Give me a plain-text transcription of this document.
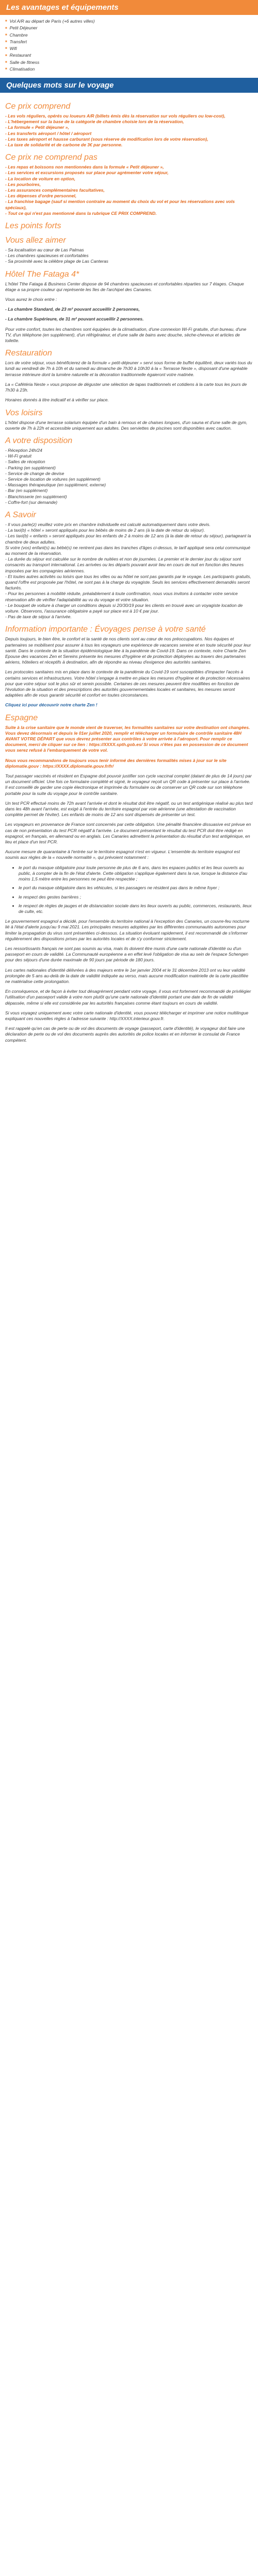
Les avantages et équipements
■ Vol A/R au départ de Paris (+6 autres villes)
■ Petit Déjeuner
■ Chambre
■ Transfert
■ Wifi
■ Restaurant
■ Salle de fitness
■ Climatisation
Quelques mots sur le voyage
Ce prix comprend
- Les vols réguliers, opérés ou loueurs A/R (billets émis dès la réservation sur vols réguliers ou low-cost),
- L'hébergement sur la base de la catégorie de chambre choisie lors de la réservation,
- La formule « Petit déjeuner »,
- Les transferts aéroport / hôtel / aéroport
- Les taxes aéroport et hausse carburant (sous réserve de modification lors de votre réservation),
- La taxe de solidarité et de carbone de 3€ par personne.
Ce prix ne comprend pas
- Les repas et boissons non mentionnées dans la formule « Petit déjeuner »,
- Les services et excursions proposés sur place pour agrémenter votre séjour,
- La location de voiture en option,
- Les pourboires,
- Les assurances complémentaires facultatives,
- Les dépenses d'ordre personnel,
- La franchise bagage (sauf si mention contraire au moment du choix du vol et pour les réservations avec vols spéciaux),
- Tout ce qui n'est pas mentionné dans la rubrique CE PRIX COMPREND.
Les points forts
Vous allez aimer
- Sa localisation au cœur de Las Palmas
- Les chambres spacieuses et confortables
- Sa proximité avec la célèbre plage de Las Canteras
Hôtel The Fataga 4*

L'hôtel Tthe Fataga & Business Center dispose de 94 chambres spacieuses et confortables réparties sur 7 étages. Chaque étage a sa propre couleur qui représente les îles de l'archipel des Canaries.

Vous aurez le choix entre :

- La chambre Standard, de 23 m² pouvant accueillir 2 personnes,

- La chambre Supérieure, de 31 m² pouvant accueillir 2 personnes.

Pour votre confort, toutes les chambres sont équipées de la climatisation, d'une connexion Wi-Fi gratuite, d'un bureau, d'une TV, d'un téléphone (en supplément), d'un réfrigérateur, et d'une salle de bains avec douche, sèche-cheveux et articles de toilette.

Restauration

Lors de votre séjour, vous bénéficierez de la formule « petit-déjeuner » servi sous forme de buffet équilibré, deux variés tous du lundi au vendredi de 7h à 10h et du samedi au dimanche de 7h30 à 10h30 à la « Terrasse Neste », disposant d'une agréable terrasse intérieure dont la lumière naturelle et la décoration traditionnelle égaieront votre matinée.

La « Cafétéria Neste » vous propose de déguster une sélection de tapas traditionnels et cotidiens à la carte tous les jours de 7h30 à 23h.

Horaires donnés à titre indicatif et à vérifier sur place.

Vos loisirs

L'hôtel dispose d'une terrasse solarium équipée d'un bain à remous et de chaises longues, d'un sauna et d'une salle de gym, ouverte de 7h à 22h et accessible uniquement aux adultes. Des serviettes de piscines sont disponibles avec caution.

A votre disposition
- Réception 24h/24
- Wi-Fi gratuit
- Salles de réception
- Parking (en supplément)
- Service de change de devise
- Service de location de voitures (en supplément)
- Massages thérapeutique (en supplément, externe)
- Bar (en supplément)
- Blanchisserie (en supplément)
- Coffre-fort (sur demande)
A Savoir
- Il vous parle(z) veuillez votre prix en chambre individuelle est calculé automatiquement dans votre devis.
- La taxi(b) « hôtel » seront appliqués pour les bébés de moins de 2 ans (à la date de retour du séjour).
- Les taxi(b) « enfants » seront appliqués pour les enfants de 2 à moins de 12 ans (à la date de retour du séjour), partageant la chambre de deux adultes.
Si votre (vos) enfant(s) au bébé(s) ne rentrent pas dans les tranches d'âges ci-dessus, le tarif appliqué sera celui communiqué au moment de la réservation.
- La durée du séjour est calculée sur le nombre de nuitées et non de journées. Le premier et le dernier jour du séjour sont consacrés au transport international. Les arrivées ou les départs pouvant avoir lieu en cours de nuit en fonction des heures imposées par les compagnies aériennes.
- Et toutes autres activités ou loisirs que tous les villes ou au hôtel ne sont pas garantis par le voyage. Les participants gratuits, quand l'offre est proposée par l'hôtel, ne sont pas à la charge du voyagiste. Seuls les services effectivement demandés seront facturés.
- Pour les personnes à mobilité réduite, préalablement à toute confirmation, nous vous invitons à contacter votre service réservation afin de vérifier l'adaptabilité au vu du voyage et votre situation.
- Le bouquet de voiture à charger un conditions depuis si 20/30/19 pour les clients en trouvé avec un voyagiste location de voiture. Observons, l'assurance obligatoire a payé sur place est à 10 € par jour.
- Pas de taxe de séjour à l'arrivée.
Information importante : Évoyages pense à votre santé

Depuis toujours, le bien être, le confort et la santé de nos clients sont au cœur de nos préoccupations. Nos équipes et partenaires se mobilisent pour assurer à tous les voyageurs une expérience de vacances sereine et en toute sécurité pour leur santé. Dans le contexte de la situation épidémiologique liée à la pandémie de Covid-19. Dans ce contexte, notre Charte Zen Epouse des vacances Zen et Sereins présente les mesures d'hygiène et de protection déployées au travers des partenaires aériens, hôteliers et réceptifs à destination, afin de répondre au niveau d'exigence des autorités sanitaires.

Les protocoles sanitaires mis en place dans le contexte de la pandémie du Covid-19 sont susceptibles d'impacter l'accès à certains services et infrastructures. Votre hôtel s'engage à mettre en place les mesures d'hygiène et de protection nécessaires pour que votre séjour soit le plus sûr et serein possible. Certaines de ces mesures peuvent être modifiées en fonction de l'évolution de la situation et des prescriptions des autorités gouvernementales locales et sanitaires, les mesures seront adaptées afin de vous garantir sécurité et confort en toutes circonstances.

Cliquez ici pour découvrir notre charte Zen !

Espagne

Suite à la crise sanitaire que le monde vient de traverser, les formalités sanitaires sur votre destination ont changées. Vous devez désormais et depuis le 01er juillet 2020, remplir et télécharger un formulaire de contrôle sanitaire 48H AVANT VOTRE DÉPART que vous devrez présenter aux contrôles à votre arrivée à l'aéroport. Pour remplir ce document, merci de cliquer sur ce lien : https://XXXX.spth.gob.es/ Si vous n'êtes pas en possession de ce document vous serez refusé à l'embarquement de votre vol.

Nous vous recommandons de toujours vous tenir informé des dernières formalités mises à jour sur le site diplomatie.gouv : https://XXXX.diplomatie.gouv.fr/fr/

Tout passager vaccinés et résident en Espagne doit pouvoir justifier son cycle vaccinal complet (datant de plus de 14 jours) par un document officiel. Une fois ce formulaire complété et signé, le voyageur reçoit un QR code à présenter sur place à l'arrivée. Il est conseillé de garder une copie électronique et imprimée du formulaire ou de conserver un QR code sur son téléphone portable pour la suite du voyage pour le contrôle sanitaire.

Un test PCR effectué moins de 72h avant l'arrivée et dont le résultat doit être négatif, ou un test antigénique réalisé au plus tard dans les 48h avant l'arrivée, est exigé à l'entrée du territoire espagnol par voie aérienne (une attestation de vaccination complète permet de l'éviter). Les enfants de moins de 12 ans sont dispensés de présenter un test.

Les voyageurs en provenance de France sont concernés par cette obligation. Une pénalité financière dissuasive est prévue en cas de non présentation du test PCR négatif à l'arrivée. Le document présentant le résultat du test PCR doit être rédigé en espagnol, en français, en allemand ou en anglais. Les Canaries admettent la présentation du résultat d'un test antigénique, en lieu et place d'un test PCR.

Aucune mesure de quarantaine à l'entrée sur le territoire espagnol n'est en vigueur. L'ensemble du territoire espagnol est soumis aux règles de la « nouvelle normalité », qui prévoient notamment :

• le port du masque obligatoire pour toute personne de plus de 6 ans, dans les espaces publics et les lieux ouverts au public, à compter de la fin de l'état d'alerte. Cette obligation s'applique également dans la rue, lorsque la distance d'au moins 1,5 mètre entre les personnes ne peut être respectée ;
• le port du masque obligatoire dans les véhicules, si les passagers ne résident pas dans le même foyer ;
• le respect des gestes barrières ;
• le respect de règles de jauges et de distanciation sociale dans les lieux ouverts au public, commerces, restaurants, lieux de culte, etc.

Le gouvernement espagnol a décidé, pour l'ensemble du territoire national à l'exception des Canaries, un couvre-feu nocturne lié à l'état d'alerte jusqu'au 9 mai 2021. Les principales mesures adoptées par les différentes communautés autonomes pour limiter la propagation du virus sont présentées ci-dessous. La situation évoluant rapidement, il est recommandé de s'informer régulièrement des dispositions prises par les autorités locales et de s'y conformer strictement.

Les ressortissants français ne sont pas soumis au visa, mais ils doivent être munis d'une carte nationale d'identité ou d'un passeport en cours de validité. La Communauté européenne a en effet levé l'obligation de visa au sein de l'espace Schengen pour des séjours d'une durée maximale de 90 jours par période de 180 jours.

Les cartes nationales d'identité délivrées à des majeurs entre le 1er janvier 2004 et le 31 décembre 2013 ont vu leur validité prolongée de 5 ans au-delà de la date de validité indiquée au verso, mais aucune modification matérielle de la carte plastifiée ne matérialise cette prolongation.

En conséquence, et de façon à éviter tout désagrément pendant votre voyage, il vous est fortement recommandé de privilégier l'utilisation d'un passeport valide à votre nom plutôt qu'une carte nationale d'identité portant une date de fin de validité dépassée, même si elle est considérée par les autorités françaises comme étant toujours en cours de validité.

Si vous voyagez uniquement avec votre carte nationale d'identité, vous pouvez télécharger et imprimer une notice multilingue expliquant ces nouvelles règles à l'adresse suivante : http://XXXX.interieur.gouv.fr.

Il est rappelé qu'en cas de perte ou de vol des documents de voyage (passeport, carte d'identité), le voyageur doit faire une déclaration de perte ou de vol des documents auprès des autorités de police locales et en informer le consulat de France compétent.
